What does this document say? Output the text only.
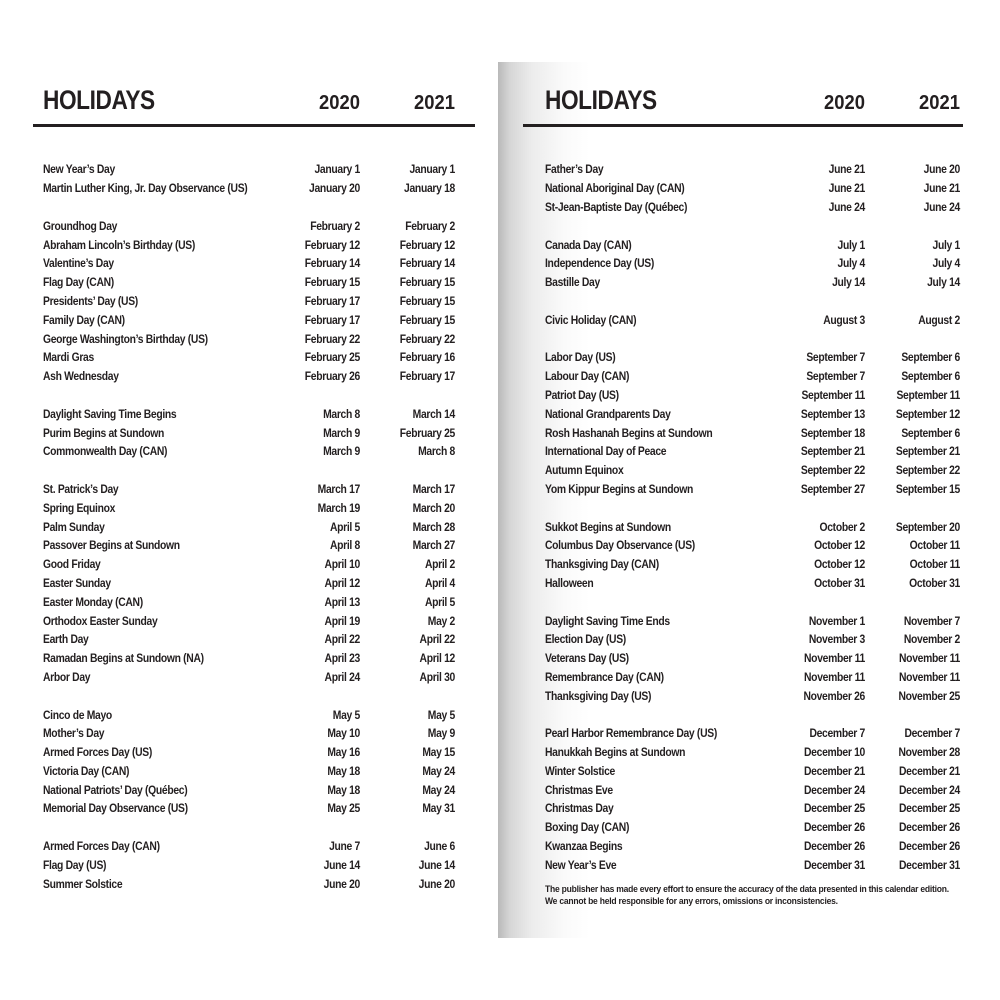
HOLIDAYS	2020	2021
New Year’s Day	January 1	January 1
Martin Luther King, Jr. Day Observance (US)	January 20	January 18
Groundhog Day	February 2	February 2
Abraham Lincoln’s Birthday (US)	February 12	February 12
Valentine’s Day	February 14	February 14
Flag Day (CAN)	February 15	February 15
Presidents’ Day (US)	February 17	February 15
Family Day (CAN)	February 17	February 15
George Washington’s Birthday (US)	February 22	February 22
Mardi Gras	February 25	February 16
Ash Wednesday	February 26	February 17
Daylight Saving Time Begins	March 8	March 14
Purim Begins at Sundown	March 9	February 25
Commonwealth Day (CAN)	March 9	March 8
St. Patrick’s Day	March 17	March 17
Spring Equinox	March 19	March 20
Palm Sunday	April 5	March 28
Passover Begins at Sundown	April 8	March 27
Good Friday	April 10	April 2
Easter Sunday	April 12	April 4
Easter Monday (CAN)	April 13	April 5
Orthodox Easter Sunday	April 19	May 2
Earth Day	April 22	April 22
Ramadan Begins at Sundown (NA)	April 23	April 12
Arbor Day	April 24	April 30
Cinco de Mayo	May 5	May 5
Mother’s Day	May 10	May 9
Armed Forces Day (US)	May 16	May 15
Victoria Day (CAN)	May 18	May 24
National Patriots’ Day (Québec)	May 18	May 24
Memorial Day Observance (US)	May 25	May 31
Armed Forces Day (CAN)	June 7	June 6
Flag Day (US)	June 14	June 14
Summer Solstice	June 20	June 20
HOLIDAYS	2020	2021
Father’s Day	June 21	June 20
National Aboriginal Day (CAN)	June 21	June 21
St-Jean-Baptiste Day (Québec)	June 24	June 24
Canada Day (CAN)	July 1	July 1
Independence Day (US)	July 4	July 4
Bastille Day	July 14	July 14
Civic Holiday (CAN)	August 3	August 2
Labor Day (US)	September 7	September 6
Labour Day (CAN)	September 7	September 6
Patriot Day (US)	September 11	September 11
National Grandparents Day	September 13	September 12
Rosh Hashanah Begins at Sundown	September 18	September 6
International Day of Peace	September 21	September 21
Autumn Equinox	September 22	September 22
Yom Kippur Begins at Sundown	September 27	September 15
Sukkot Begins at Sundown	October 2	September 20
Columbus Day Observance (US)	October 12	October 11
Thanksgiving Day (CAN)	October 12	October 11
Halloween	October 31	October 31
Daylight Saving Time Ends	November 1	November 7
Election Day (US)	November 3	November 2
Veterans Day (US)	November 11	November 11
Remembrance Day (CAN)	November 11	November 11
Thanksgiving Day (US)	November 26	November 25
Pearl Harbor Remembrance Day (US)	December 7	December 7
Hanukkah Begins at Sundown	December 10	November 28
Winter Solstice	December 21	December 21
Christmas Eve	December 24	December 24
Christmas Day	December 25	December 25
Boxing Day (CAN)	December 26	December 26
Kwanzaa Begins	December 26	December 26
New Year’s Eve	December 31	December 31
The publisher has made every effort to ensure the accuracy of the data presented in this calendar edition.
We cannot be held responsible for any errors, omissions or inconsistencies.
